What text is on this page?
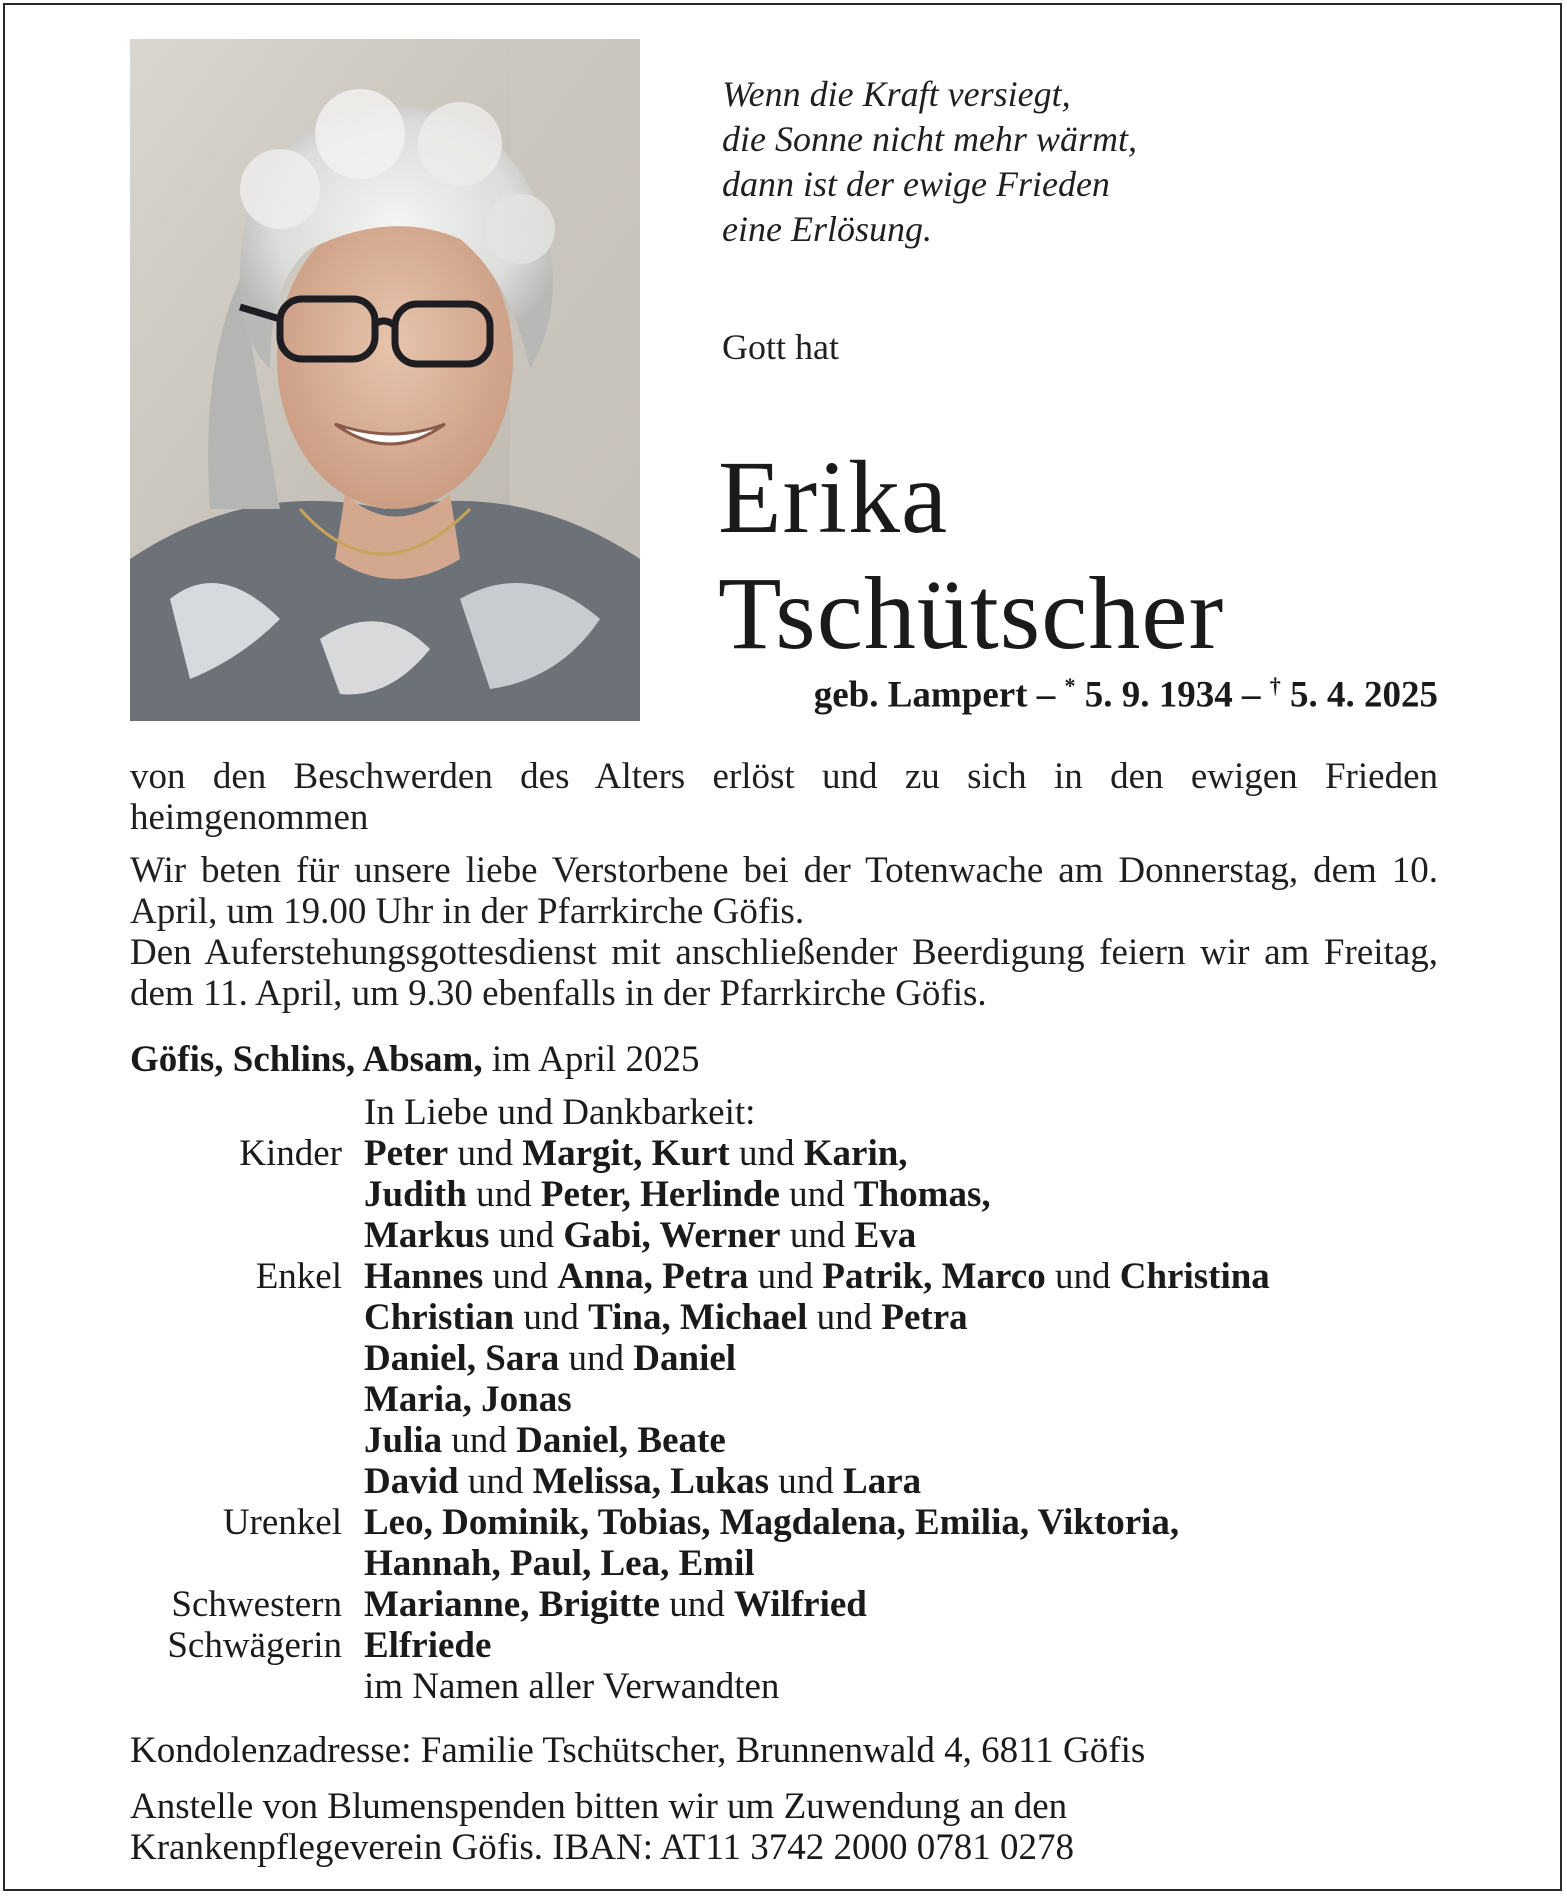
Wenn die Kraft versiegt,
die Sonne nicht mehr wärmt,
dann ist der ewige Frieden
eine Erlösung.
Gott hat
Erika
Tschütscher
geb. Lampert – * 5. 9. 1934 – † 5. 4. 2025
von den Beschwerden des Alters erlöst und zu sich in den ewigen Frieden heimgenommen
Wir beten für unsere liebe Verstorbene bei der Totenwache am Donnerstag, dem 10. April, um 19.00 Uhr in der Pfarrkirche Göfis.
Den Auferstehungsgottesdienst mit anschließender Beerdigung feiern wir am Freitag, dem 11. April, um 9.30 ebenfalls in der Pfarrkirche Göfis.
Göfis, Schlins, Absam, im April 2025
In Liebe und Dankbarkeit:
Kinder Peter und Margit, Kurt und Karin,
Judith und Peter, Herlinde und Thomas,
Markus und Gabi, Werner und Eva
Enkel Hannes und Anna, Petra und Patrik, Marco und Christina
Christian und Tina, Michael und Petra
Daniel, Sara und Daniel
Maria, Jonas
Julia und Daniel, Beate
David und Melissa, Lukas und Lara
Urenkel Leo, Dominik, Tobias, Magdalena, Emilia, Viktoria,
Hannah, Paul, Lea, Emil
Schwestern Marianne, Brigitte und Wilfried
Schwägerin Elfriede
im Namen aller Verwandten
Kondolenzadresse: Familie Tschütscher, Brunnenwald 4, 6811 Göfis
Anstelle von Blumenspenden bitten wir um Zuwendung an den
Krankenpflegeverein Göfis. IBAN: AT11 3742 2000 0781 0278
